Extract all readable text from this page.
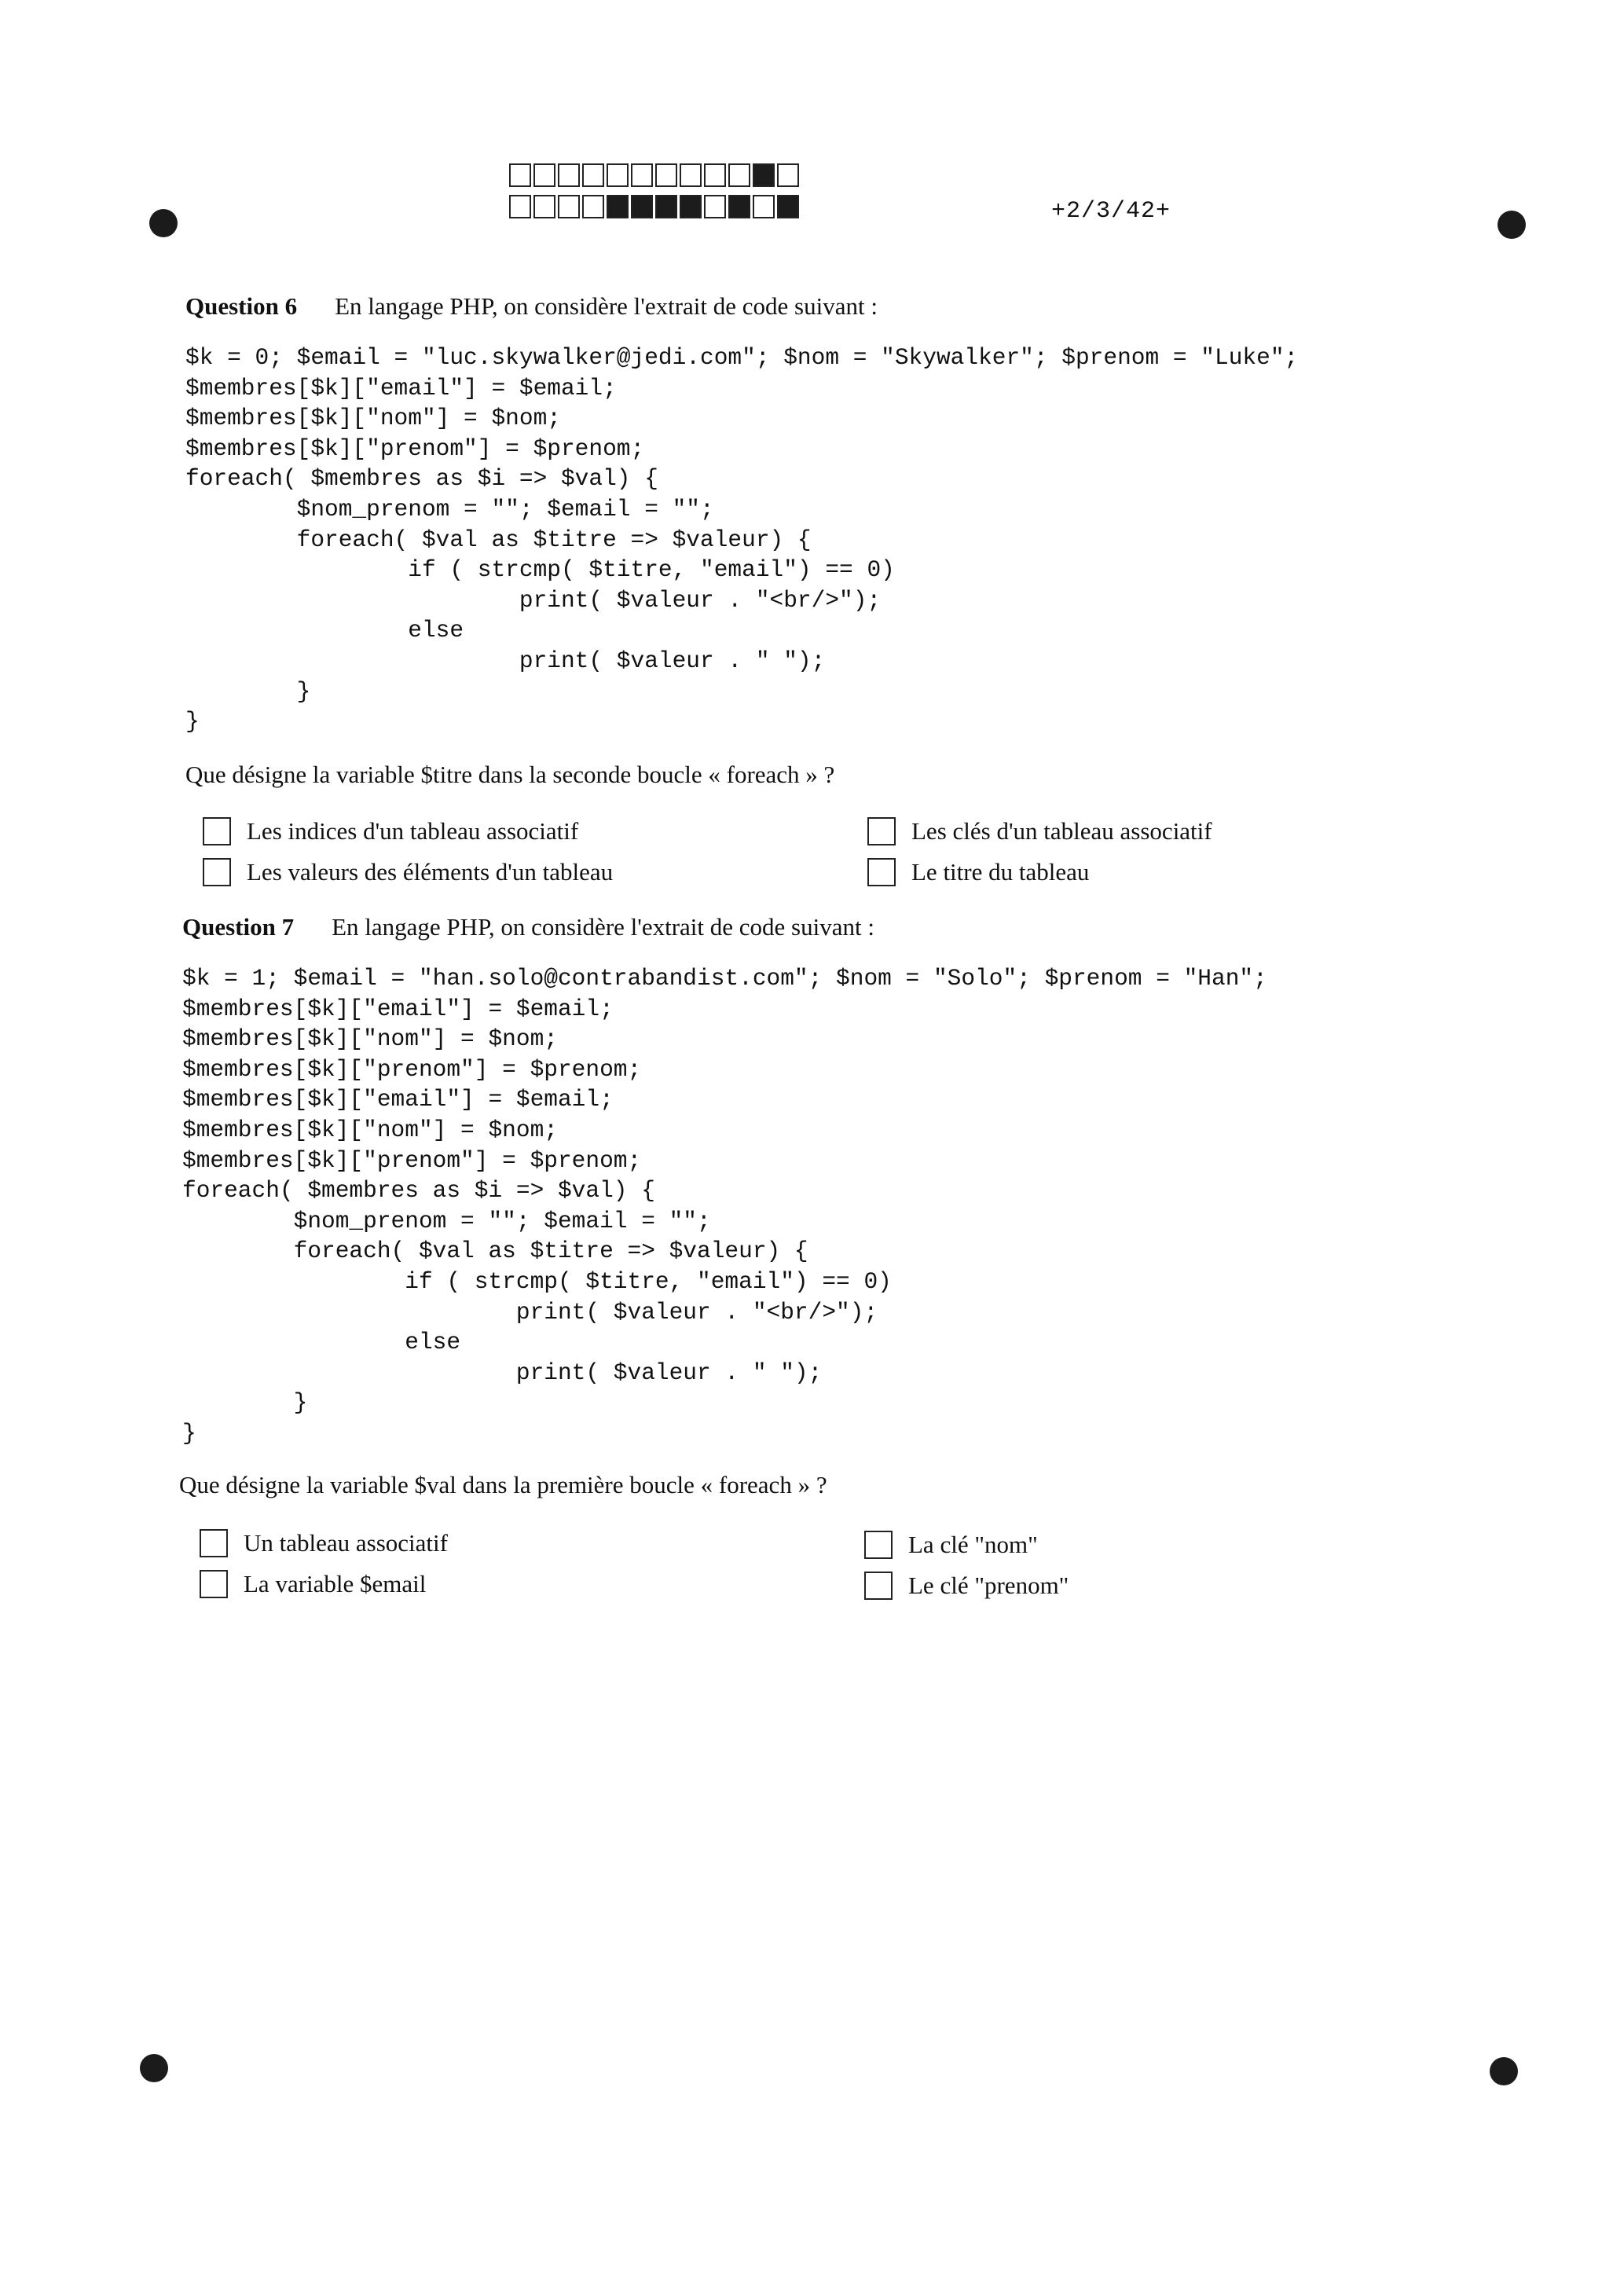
+2/3/42+
Question 6 En langage PHP, on considère l'extrait de code suivant :
$k = 0; $email = "luc.skywalker@jedi.com"; $nom = "Skywalker"; $prenom = "Luke";
$membres[$k]["email"] = $email;
$membres[$k]["nom"] = $nom;
$membres[$k]["prenom"] = $prenom;
foreach( $membres as $i => $val) {
$nom_prenom = ""; $email = "";
foreach( $val as $titre => $valeur) {
if ( strcmp( $titre, "email") == 0)
print( $valeur . "<br/>");
else
print( $valeur . " ");
}
}
Que désigne la variable $titre dans la seconde boucle « foreach » ?
Les indices d'un tableau associatif	Les clés d'un tableau associatif
Les valeurs des éléments d'un tableau	Le titre du tableau
Question 7 En langage PHP, on considère l'extrait de code suivant :
$k = 1; $email = "han.solo@contrabandist.com"; $nom = "Solo"; $prenom = "Han";
$membres[$k]["email"] = $email;
$membres[$k]["nom"] = $nom;
$membres[$k]["prenom"] = $prenom;
$membres[$k]["email"] = $email;
$membres[$k]["nom"] = $nom;
$membres[$k]["prenom"] = $prenom;
foreach( $membres as $i => $val) {
$nom_prenom = ""; $email = "";
foreach( $val as $titre => $valeur) {
if ( strcmp( $titre, "email") == 0)
print( $valeur . "<br/>");
else
print( $valeur . " ");
}
}
Que désigne la variable $val dans la première boucle « foreach » ?
Un tableau associatif	La clé "nom"
La variable $email	Le clé "prenom"
